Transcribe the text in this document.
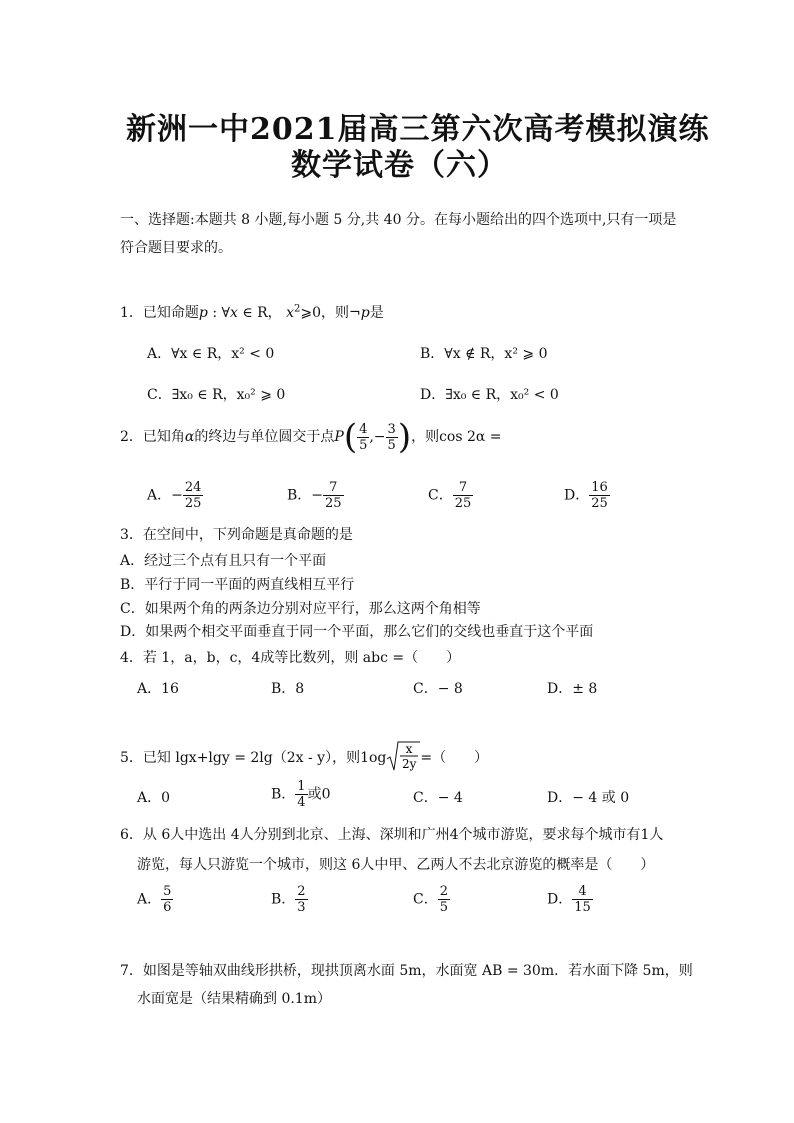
新洲一中2021届高三第六次高考模拟演练
数学试卷（六）
一、选择题:本题共 8 小题,每小题 5 分,共 40 分。在每小题给出的四个选项中,只有一项是符合题目要求的。
1．已知命题p : ∀x ∈ R， $x^2⩾0$，则¬p是
A．∀x ∈ R，x² < 0	B．∀x ∉ R，x² ⩾ 0
C．∃x₀ ∈ R，x₀² ⩾ 0	D．∃x₀ ∈ R，x₀² < 0
2．已知角α的终边与单位圆交于点$P( \frac{4}{5}$ ,− $\frac{3}{5}$ )，则cos 2α =
A．− $\frac{24}{25}$	B．− $\frac{7}{25}$	C． $\frac{7}{25}$	D． $\frac{16}{25}$
3．在空间中，下列命题是真命题的是
A．经过三个点有且只有一个平面
B．平行于同一平面的两直线相互平行
C．如果两个角的两条边分别对应平行，那么这两个角相等
D．如果两个相交平面垂直于同一个平面，那么它们的交线也垂直于这个平面
4．若 1，a，b，c，4成等比数列，则 abc =（　　）
A．16	B．8	C．− 8	D．± 8
5．已知 lgx+lgy = 2lg（2x - y），则1og
x
2 y =（　　）
A．0	B． $\frac{1}{4}$ 或0	C．− 4	D．− 4 或 0
6．从 6人中选出 4人分别到北京、上海、深圳和广州4个城市游览，要求每个城市有1人
游览，每人只游览一个城市，则这 6人中甲、乙两人不去北京游览的概率是（　　）
A． $\frac{5}{6}$	B． $\frac{2}{3}$	C． $\frac{2}{5}$	D． $\frac{4}{15}$
7．如图是等轴双曲线形拱桥，现拱顶离水面 5m，水面宽 AB = 30m．若水面下降 5m，则
水面宽是（结果精确到 0.1m）
